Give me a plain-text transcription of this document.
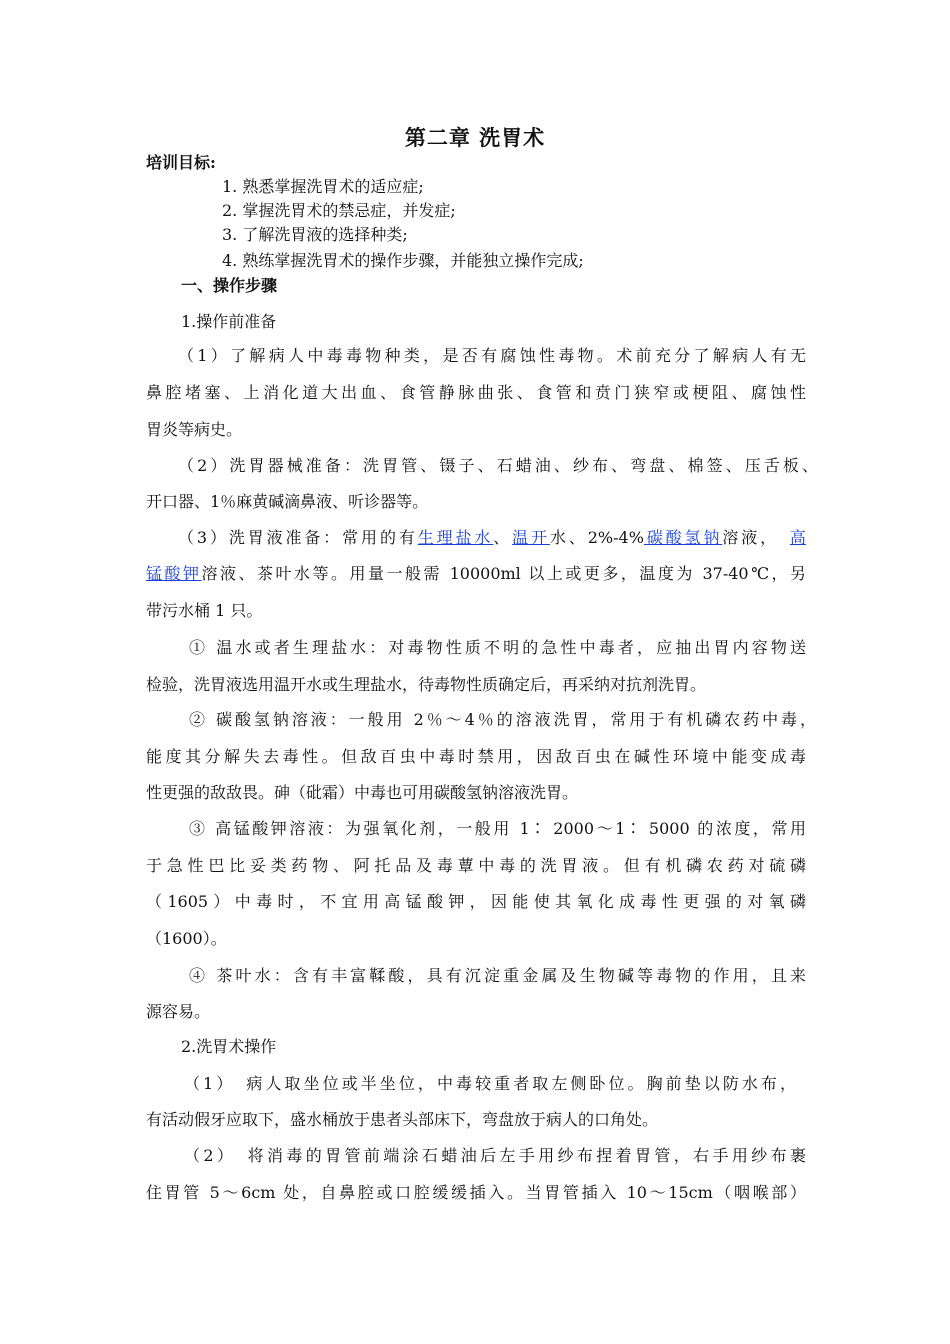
第二章 洗胃术
培训目标:
1. 熟悉掌握洗胃术的适应症;
2. 掌握洗胃术的禁忌症，并发症;
3. 了解洗胃液的选择种类;
4. 熟练掌握洗胃术的操作步骤，并能独立操作完成;
一、操作步骤
1.操作前准备
（1）了解病人中毒毒物种类，是否有腐蚀性毒物。术前充分了解病人有无
鼻腔堵塞、上消化道大出血、食管静脉曲张、食管和贲门狭窄或梗阻、腐蚀性
胃炎等病史。
（2）洗胃器械准备：洗胃管、镊子、石蜡油、纱布、弯盘、棉签、压舌板、
开口器、1％麻黄碱滴鼻液、听诊器等。
（3）洗胃液准备：常用的有生理盐水、温开水、2%-4%碳酸氢钠溶液，　 高
锰酸钾溶液、茶叶水等。用量一般需 10000ml 以上或更多，温度为 37-40℃，另
带污水桶 1 只。
① 温水或者生理盐水：对毒物性质不明的急性中毒者，应抽出胃内容物送
检验，洗胃液选用温开水或生理盐水，待毒物性质确定后，再采纳对抗剂洗胃。
② 碳酸氢钠溶液：一般用 2％～4％的溶液洗胃，常用于有机磷农药中毒，
能度其分解失去毒性。但敌百虫中毒时禁用，因敌百虫在碱性环境中能变成毒
性更强的敌敌畏。砷（砒霜）中毒也可用碳酸氢钠溶液洗胃。
③ 高锰酸钾溶液：为强氧化剂，一般用 1∶ 2000～1∶ 5000 的浓度，常用
于急性巴比妥类药物、阿托品及毒蕈中毒的洗胃液。但有机磷农药对硫磷
（1605）中毒时，不宜用高锰酸钾，因能使其氧化成毒性更强的对氧磷
（1600）。
④ 茶叶水：含有丰富鞣酸，具有沉淀重金属及生物碱等毒物的作用，且来
源容易。
2.洗胃术操作
（1）　病人取坐位或半坐位，中毒较重者取左侧卧位。胸前垫以防水布，
有活动假牙应取下，盛水桶放于患者头部床下，弯盘放于病人的口角处。
（2）　将消毒的胃管前端涂石蜡油后左手用纱布捏着胃管，右手用纱布裹
住胃管 5～6cm 处，自鼻腔或口腔缓缓插入。当胃管插入 10～15cm（咽喉部）
